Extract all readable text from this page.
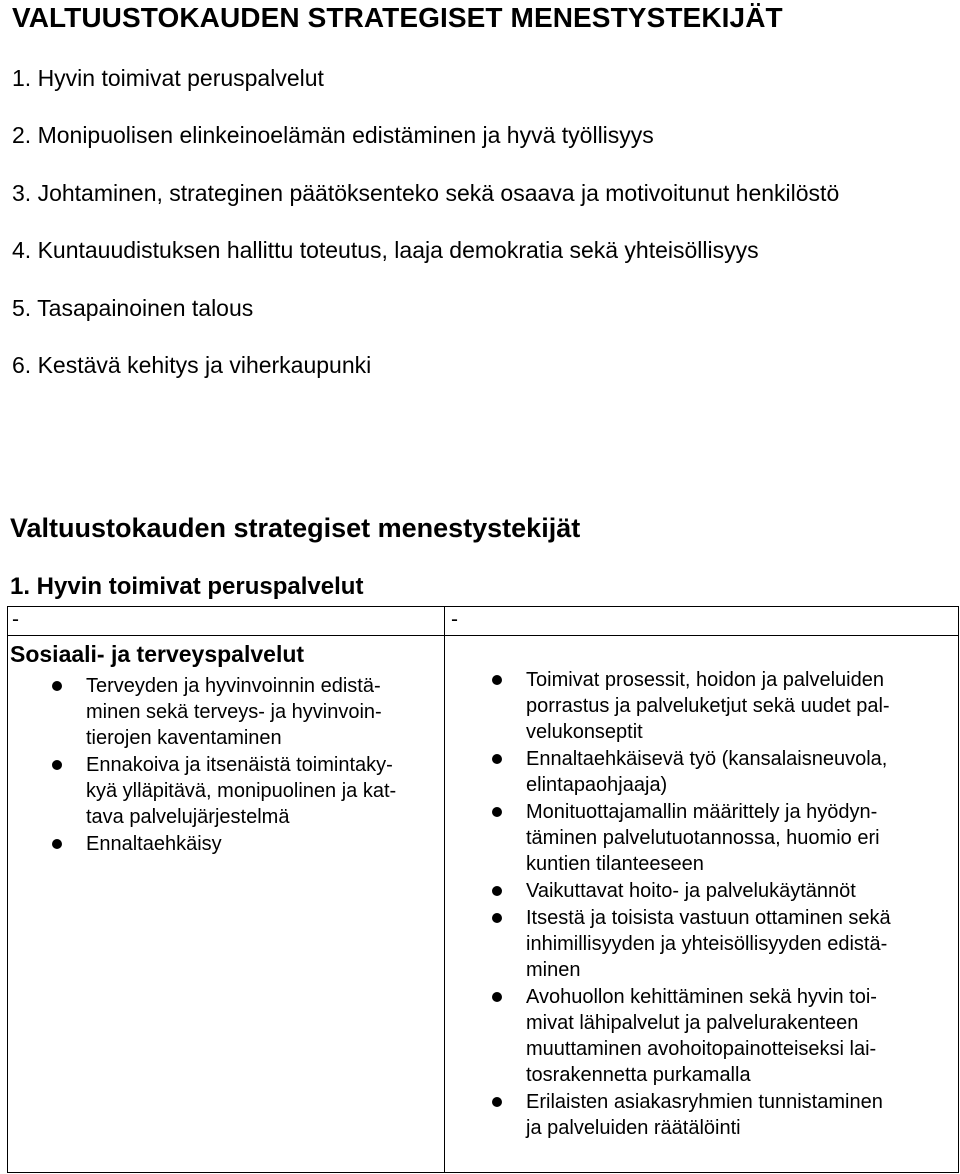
VALTUUSTOKAUDEN STRATEGISET MENESTYSTEKIJÄT
1. Hyvin toimivat peruspalvelut
2. Monipuolisen elinkeinoelämän edistäminen ja hyvä työllisyys
3. Johtaminen, strateginen päätöksenteko sekä osaava ja motivoitunut henkilöstö
4. Kuntauudistuksen hallittu toteutus, laaja demokratia sekä yhteisöllisyys
5. Tasapainoinen talous
6. Kestävä kehitys ja viherkaupunki
Valtuustokauden strategiset menestystekijät
1. Hyvin toimivat peruspalvelut
-	-
Sosiaali- ja terveyspalvelut
Terveyden ja hyvinvoinnin edistä-
minen sekä terveys- ja hyvinvoin-
tierojen kaventaminen
Ennakoiva ja itsenäistä toimintaky-
kyä ylläpitävä, monipuolinen ja kat-
tava palvelujärjestelmä
Ennaltaehkäisy
Toimivat prosessit, hoidon ja palveluiden
porrastus ja palveluketjut sekä uudet pal-
velukonseptit
Ennaltaehkäisevä työ (kansalaisneuvola,
elintapaohjaaja)
Monituottajamallin määrittely ja hyödyn-
täminen palvelutuotannossa, huomio eri
kuntien tilanteeseen
Vaikuttavat hoito- ja palvelukäytännöt
Itsestä ja toisista vastuun ottaminen sekä
inhimillisyyden ja yhteisöllisyyden edistä-
minen
Avohuollon kehittäminen sekä hyvin toi-
mivat lähipalvelut ja palvelurakenteen
muuttaminen avohoitopainotteiseksi lai-
tosrakennetta purkamalla
Erilaisten asiakasryhmien tunnistaminen
ja palveluiden räätälöinti
